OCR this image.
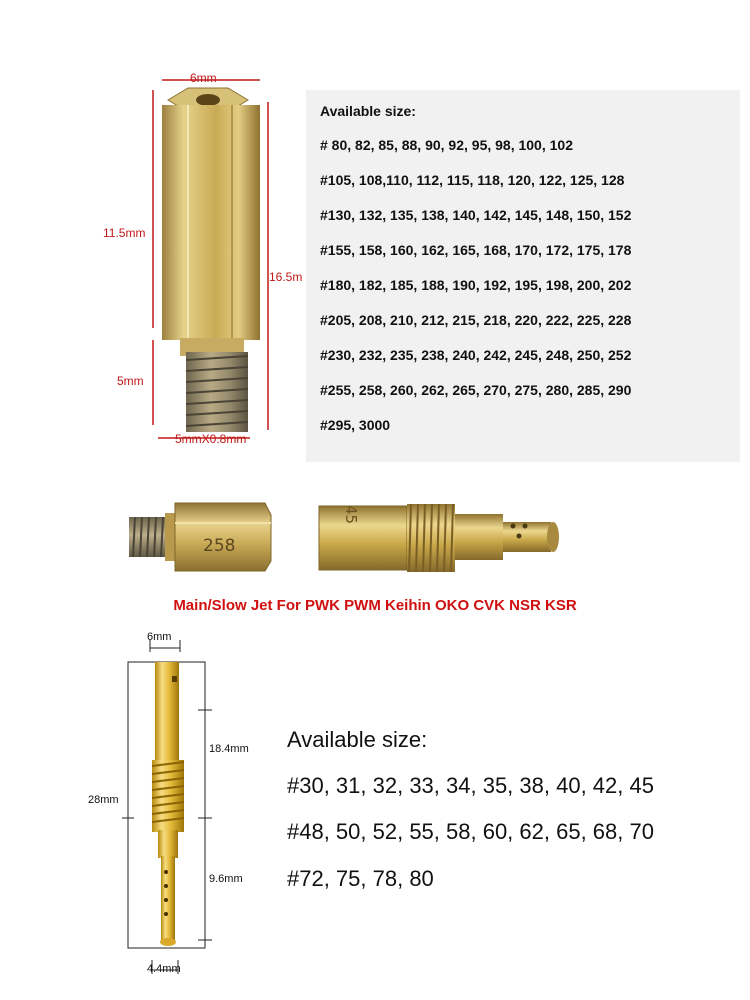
6mm
11.5mm
16.5m
5mm
5mmX0.8mm
Available size:
# 80, 82, 85, 88, 90, 92, 95, 98, 100, 102
#105, 108,110, 112, 115, 118, 120, 122, 125, 128
#130, 132, 135, 138, 140, 142, 145, 148, 150, 152
#155, 158, 160, 162, 165, 168, 170, 172, 175, 178
#180, 182, 185, 188, 190, 192, 195, 198, 200, 202
#205, 208, 210, 212, 215, 218, 220, 222, 225, 228
#230, 232, 235, 238, 240, 242, 245, 248, 250, 252
#255, 258, 260, 262, 265, 270, 275, 280, 285, 290
#295, 3000
258
45
Main/Slow Jet For PWK PWM Keihin OKO CVK NSR KSR
6mm
18.4mm
28mm
9.6mm
4.4mm
Available size:
#30, 31, 32, 33, 34, 35, 38, 40, 42, 45
#48, 50, 52, 55, 58, 60, 62, 65, 68, 70
#72, 75, 78, 80
